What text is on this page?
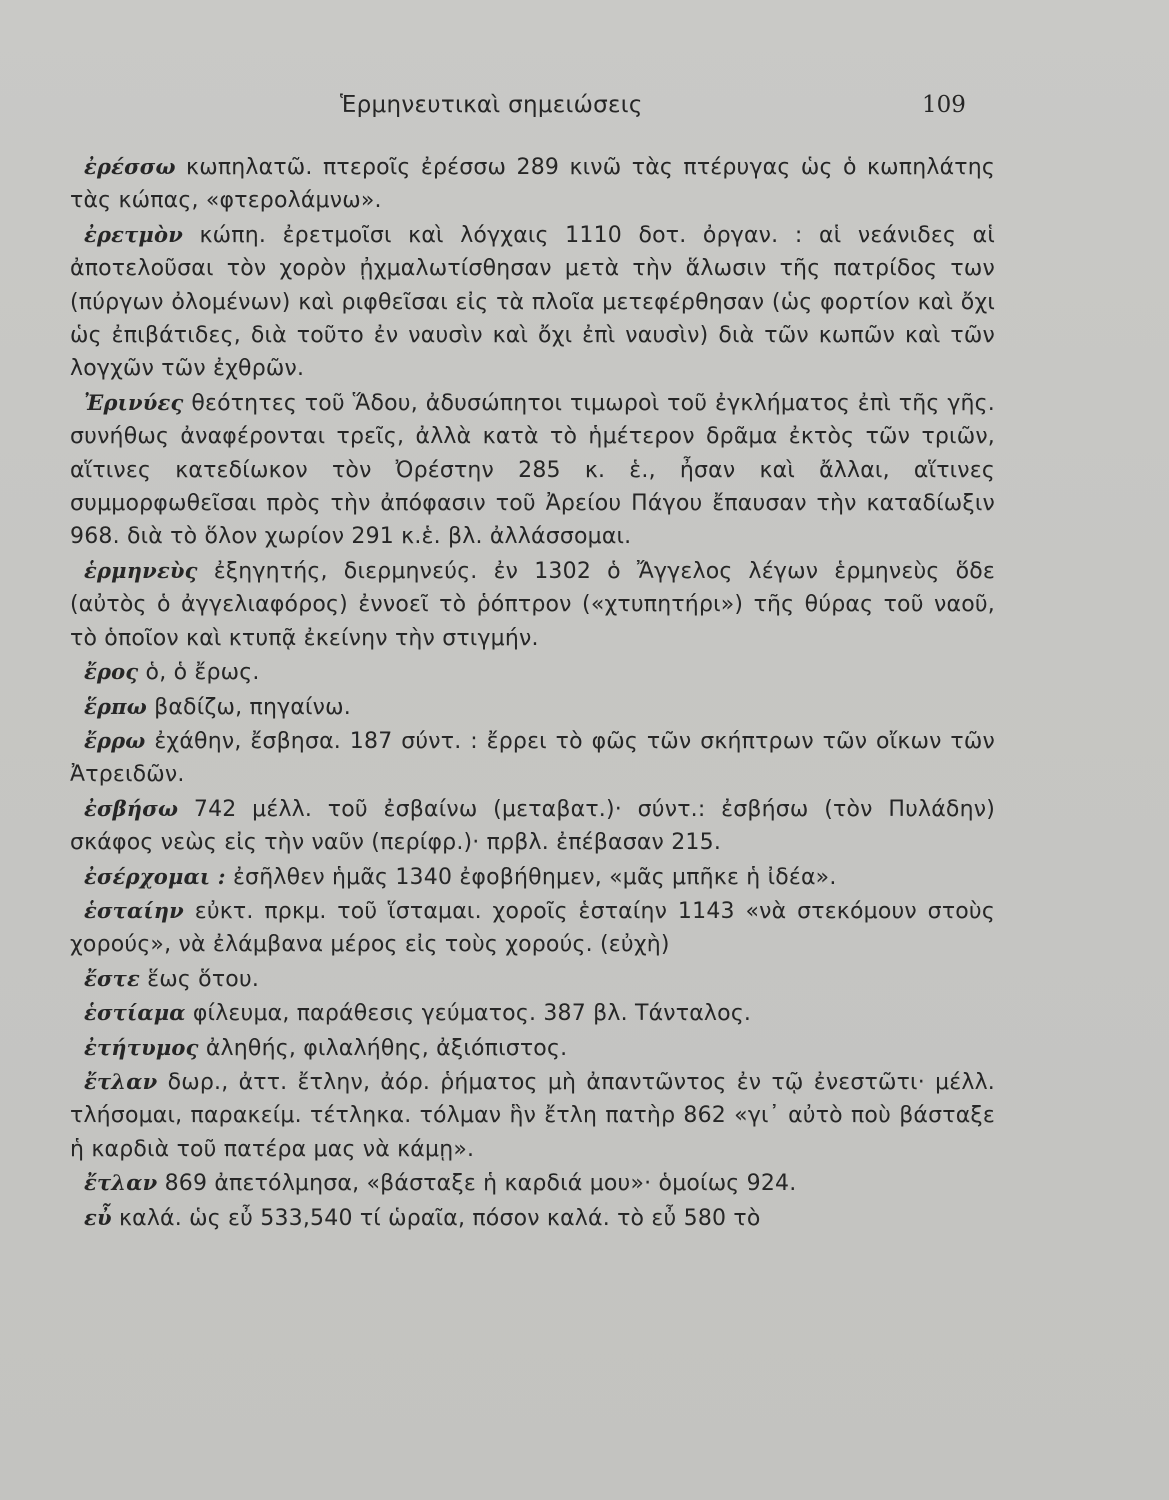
Ἑρμηνευτικαὶ σημειώσεις	109

ἐρέσσω κωπηλατῶ. πτεροῖς ἐρέσσω 289 κινῶ τὰς πτέρυγας ὡς ὁ κωπηλάτης τὰς κώπας, «φτερολάμνω».

ἐρετμὸν κώπη. ἐρετμοῖσι καὶ λόγχαις 1110 δοτ. ὀργαν. : αἱ νεάνιδες αἱ ἀποτελοῦσαι τὸν χορὸν ᾐχμαλωτίσθησαν μετὰ τὴν ἅλωσιν τῆς πατρίδος των (πύργων ὀλομένων) καὶ ριφθεῖσαι εἰς τὰ πλοῖα μετεφέρθησαν (ὡς φορτίον καὶ ὄχι ὡς ἐπιβάτιδες, διὰ τοῦτο ἐν ναυσὶν καὶ ὄχι ἐπὶ ναυσὶν) διὰ τῶν κωπῶν καὶ τῶν λογχῶν τῶν ἐχθρῶν.

Ἐρινύες θεότητες τοῦ Ἅδου, ἀδυσώπητοι τιμωροὶ τοῦ ἐγκλήματος ἐπὶ τῆς γῆς. συνήθως ἀναφέρονται τρεῖς, ἀλλὰ κατὰ τὸ ἡμέτερον δρᾶμα ἐκτὸς τῶν τριῶν, αἵτινες κατεδίωκον τὸν Ὀρέστην 285 κ. ἑ., ἦσαν καὶ ἄλλαι, αἵτινες συμμορφωθεῖσαι πρὸς τὴν ἀπόφασιν τοῦ Ἀρείου Πάγου ἔπαυσαν τὴν καταδίωξιν 968. διὰ τὸ ὅλον χωρίον 291 κ.ἑ. βλ. ἀλλάσσομαι.

ἑρμηνεὺς ἐξηγητής, διερμηνεύς. ἐν 1302 ὁ Ἄγγελος λέγων ἑρμηνεὺς ὅδε (αὐτὸς ὁ ἀγγελιαφόρος) ἐννοεῖ τὸ ῥόπτρον («χτυπητήρι») τῆς θύρας τοῦ ναοῦ, τὸ ὁποῖον καὶ κτυπᾷ ἐκείνην τὴν στιγμήν.

ἔρος ὁ, ὁ ἔρως.

ἕρπω βαδίζω, πηγαίνω.

ἔρρω ἐχάθην, ἔσβησα. 187 σύντ. : ἔρρει τὸ φῶς τῶν σκήπτρων τῶν οἴκων τῶν Ἀτρειδῶν.

ἐσβήσω 742 μέλλ. τοῦ ἐσβαίνω (μεταβατ.)· σύντ.: ἐσβήσω (τὸν Πυλάδην) σκάφος νεὼς εἰς τὴν ναῦν (περίφρ.)· πρβλ. ἐπέβασαν 215.

ἐσέρχομαι : ἐσῆλθεν ἡμᾶς 1340 ἐφοβήθημεν, «μᾶς μπῆκε ἡ ἰδέα».

ἑσταίην εὐκτ. πρκμ. τοῦ ἵσταμαι. χοροῖς ἑσταίην 1143 «νὰ στεκόμουν στοὺς χορούς», νὰ ἐλάμβανα μέρος εἰς τοὺς χορούς. (εὐχὴ)

ἔστε ἕως ὅτου.

ἑστίαμα φίλευμα, παράθεσις γεύματος. 387 βλ. Τάνταλος.

ἐτήτυμος ἀληθής, φιλαλήθης, ἀξιόπιστος.

ἔτλαν δωρ., ἀττ. ἔτλην, ἀόρ. ῥήματος μὴ ἀπαντῶντος ἐν τῷ ἐνεστῶτι· μέλλ. τλήσομαι, παρακείμ. τέτληκα. τόλμαν ἣν ἔτλη πατὴρ 862 «γι᾽ αὐτὸ ποὺ βάσταξε ἡ καρδιὰ τοῦ πατέρα μας νὰ κάμῃ».

ἔτλαν 869 ἀπετόλμησα, «βάσταξε ἡ καρδιά μου»· ὁμοίως 924.

εὖ καλά. ὡς εὖ 533,540 τί ὡραῖα, πόσον καλά. τὸ εὖ 580 τὸ
